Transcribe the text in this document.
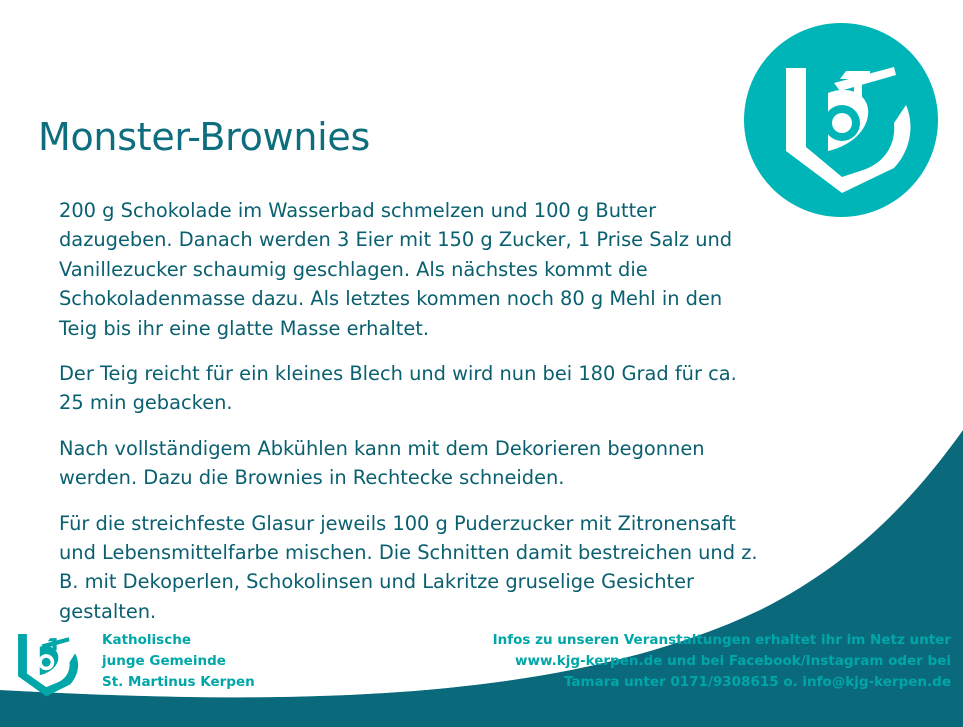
Monster-Brownies

200 g Schokolade im Wasserbad schmelzen und 100 g Butter dazugeben. Danach werden 3 Eier mit 150 g Zucker, 1 Prise Salz und Vanillezucker schaumig geschlagen. Als nächstes kommt die Schokoladenmasse dazu. Als letztes kommen noch 80 g Mehl in den Teig bis ihr eine glatte Masse erhaltet.

Der Teig reicht für ein kleines Blech und wird nun bei 180 Grad für ca. 25 min gebacken.

Nach vollständigem Abkühlen kann mit dem Dekorieren begonnen werden. Dazu die Brownies in Rechtecke schneiden.

Für die streichfeste Glasur jeweils 100 g Puderzucker mit Zitronensaft und Lebensmittelfarbe mischen. Die Schnitten damit bestreichen und z. B. mit Dekoperlen, Schokolinsen und Lakritze gruselige Gesichter gestalten.

Katholische
junge Gemeinde
St. Martinus Kerpen
Infos zu unseren Veranstaltungen erhaltet ihr im Netz unter
www.kjg-kerpen.de und bei Facebook/Instagram oder bei
Tamara unter 0171/9308615 o. info@kjg-kerpen.de
